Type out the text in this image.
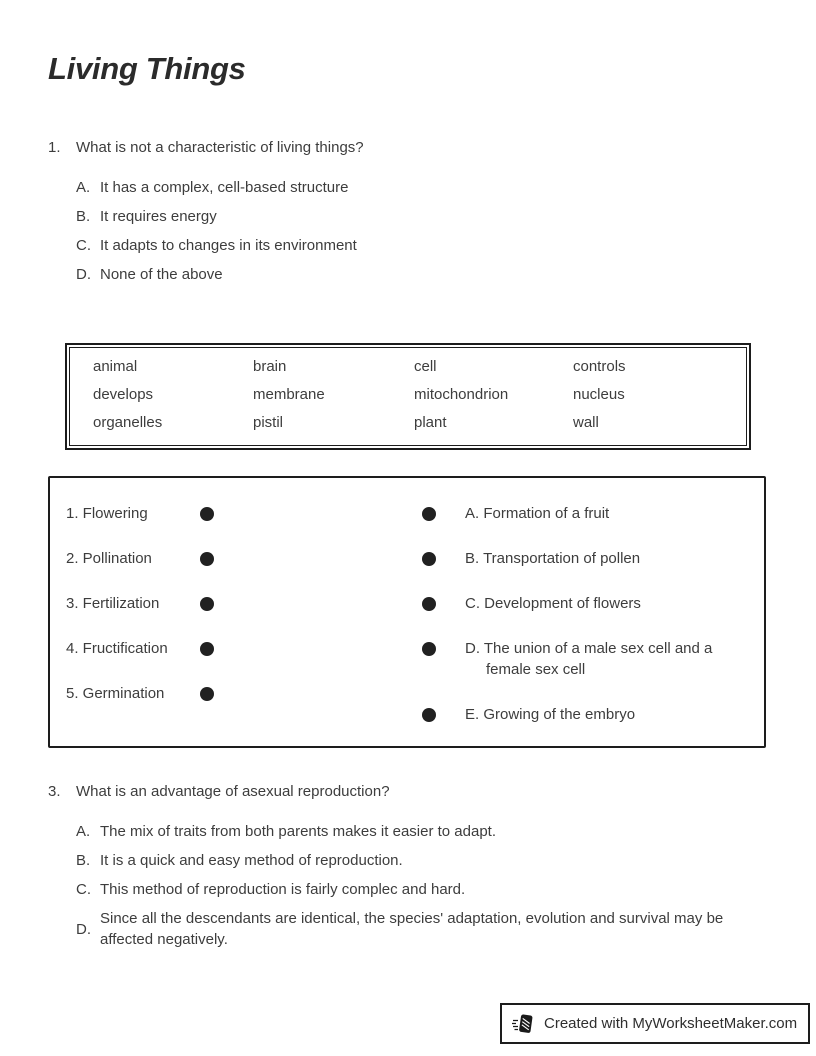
Living Things
1.	What is not a characteristic of living things?
A. It has a complex, cell-based structure
B. It requires energy
C. It adapts to changes in its environment
D. None of the above
animal	brain	cell	controls
develops	membrane	mitochondrion	nucleus
organelles	pistil	plant	wall
1. Flowering
2. Pollination
3. Fertilization
4. Fructification
5. Germination
A. Formation of a fruit
B. Transportation of pollen
C. Development of flowers
D. The union of a male sex cell and a female sex cell
E. Growing of the embryo
3.	What is an advantage of asexual reproduction?
A. The mix of traits from both parents makes it easier to adapt.
B. It is a quick and easy method of reproduction.
C. This method of reproduction is fairly complec and hard.
D.
Since all the descendants are identical, the species' adaptation, evolution and survival may be affected negatively.
Created with MyWorksheetMaker.com
